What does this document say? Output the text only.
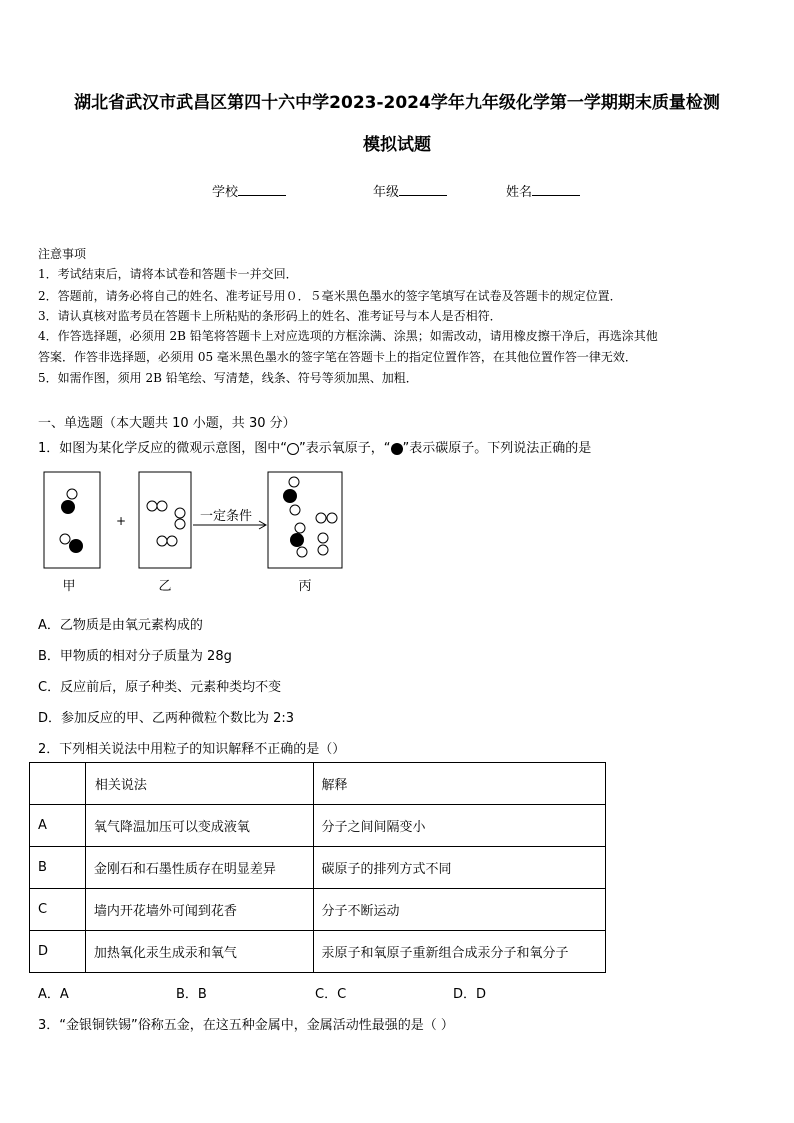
湖北省武汉市武昌区第四十六中学2023-2024学年九年级化学第一学期期末质量检测
模拟试题
学校	年级	姓名
注意事项
1．考试结束后，请将本试卷和答题卡一并交回．
2．答题前，请务必将自己的姓名、准考证号用０．５毫米黑色墨水的签字笔填写在试卷及答题卡的规定位置．
3．请认真核对监考员在答题卡上所粘贴的条形码上的姓名、准考证号与本人是否相符．
4．作答选择题，必须用 2B 铅笔将答题卡上对应选项的方框涂满、涂黑；如需改动，请用橡皮擦干净后，再选涂其他
答案．作答非选择题，必须用 05 毫米黑色墨水的签字笔在答题卡上的指定位置作答，在其他位置作答一律无效．
5．如需作图，须用 2B 铅笔绘、写清楚，线条、符号等须加黑、加粗．
一、单选题（本大题共 10 小题，共 30 分）
1．如图为某化学反应的微观示意图，图中“ ”表示氧原子，“ ”表示碳原子。下列说法正确的是
+	一定条件
甲	乙	丙
A．乙物质是由氧元素构成的
B．甲物质的相对分子质量为 28g
C．反应前后，原子种类、元素种类均不变
D．参加反应的甲、乙两种微粒个数比为 2:3
2．下列相关说法中用粒子的知识解释不正确的是（）
	相关说法	解释
A	氧气降温加压可以变成液氧	分子之间间隔变小
B	金刚石和石墨性质存在明显差异	碳原子的排列方式不同
C	墙内开花墙外可闻到花香	分子不断运动
D	加热氧化汞生成汞和氧气	汞原子和氧原子重新组合成汞分子和氧分子
A．A	B．B	C．C	D．D
3．“金银铜铁锡”俗称五金，在这五种金属中，金属活动性最强的是（ ）
